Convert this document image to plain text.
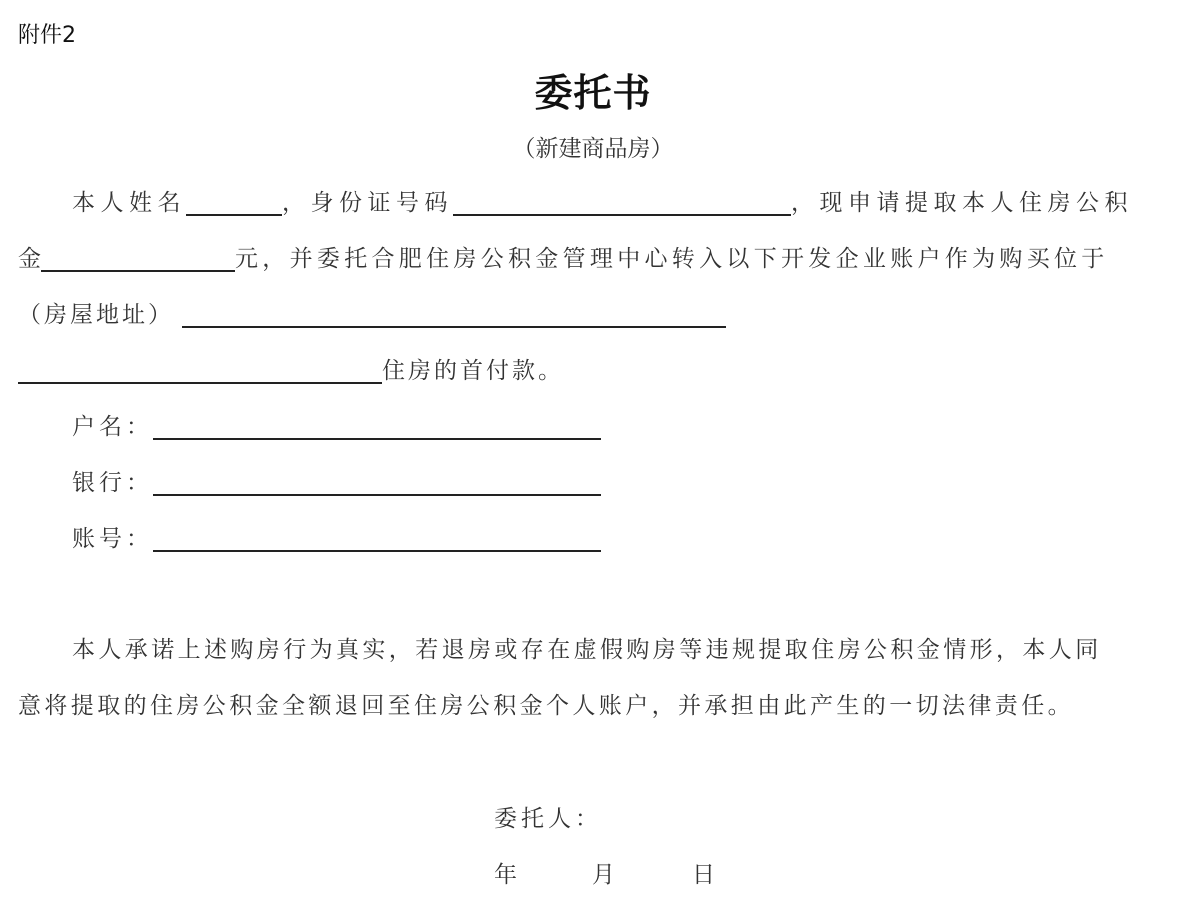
附件2
委托书
（新建商品房）
本人姓名	，身份证号码	，现申请提取本人住房公积
金	元，并委托合肥住房公积金管理中心转入以下开发企业账户作为购买位于
（房屋地址）
住房的首付款。
户名：
银行：
账号：
本人承诺上述购房行为真实，若退房或存在虚假购房等违规提取住房公积金情形，本人同
意将提取的住房公积金全额退回至住房公积金个人账户，并承担由此产生的一切法律责任。
委托人：
年	月	日
